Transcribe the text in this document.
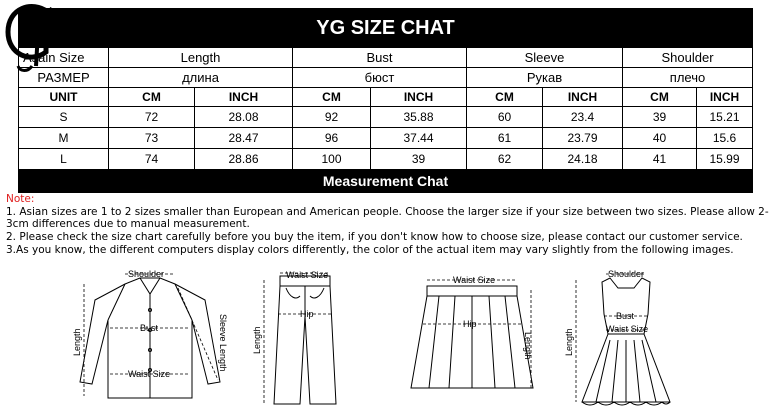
YG SIZE CHAT								
Asain Size	Length		Bust		Sleeve		Shoulder	
РАЗМЕР	длина		бюст		Рукав		плечо	
UNIT	CM	INCH	CM	INCH	CM	INCH	CM	INCH
S	72	28.08	92	35.88	60	23.4	39	15.21
M	73	28.47	96	37.44	61	23.79	40	15.6
L	74	28.86	100	39	62	24.18	41	15.99
Measurement Chat								
Note:
1. Asian sizes are 1 to 2 sizes smaller than European and American people. Choose the larger size if your size between two sizes. Please allow 2-3cm differences due to manual measurement.
2. Please check the size chart carefully before you buy the item, if you don't know how to choose size, please contact our customer service.
3.As you know, the different computers display colors differently, the color of the actual item may vary slightly from the following images.
Shoulder
Bust
Waist Size
Length	Sleeve Length
Waist Size
Hip
Length
Waist Size
Hip
Length
Shoulder
Bust
Waist Size
Length
